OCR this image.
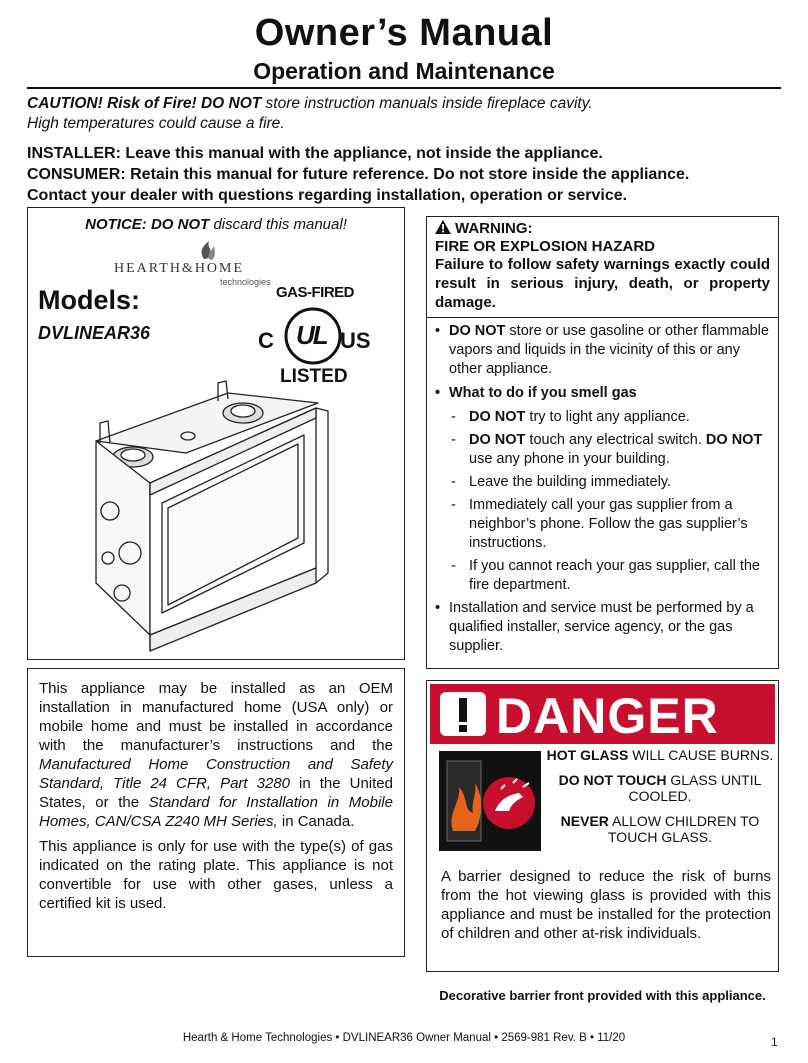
Owner’s Manual
Operation and Maintenance
CAUTION! Risk of Fire! DO NOT store instruction manuals inside fireplace cavity.
High temperatures could cause a fire.
INSTALLER: Leave this manual with the appliance, not inside the appliance.
CONSUMER: Retain this manual for future reference. Do not store inside the appliance.
Contact your dealer with questions regarding installation, operation or service.
NOTICE: DO NOT discard this manual!
HEARTH&HOME
technologies
Models:
DVLINEAR36
GAS-FIRED
C UL US
LISTED
WARNING:
FIRE OR EXPLOSION HAZARD
Failure to follow safety warnings exactly could result in serious injury, death, or property damage.
• DO NOT store or use gasoline or other flammable vapors and liquids in the vicinity of this or any other appliance.
• What to do if you smell gas
- DO NOT try to light any appliance.
- DO NOT touch any electrical switch. DO NOT use any phone in your building.
- Leave the building immediately.
- Immediately call your gas supplier from a neighbor’s phone. Follow the gas supplier’s instructions.
- If you cannot reach your gas supplier, call the fire department.
• Installation and service must be performed by a qualified installer, service agency, or the gas supplier.

This appliance may be installed as an OEM installation in manufactured home (USA only) or mobile home and must be installed in accordance with the manufacturer’s instructions and the Manufactured Home Construction and Safety Standard, Title 24 CFR, Part 3280 in the United States, or the Standard for Installation in Mobile Homes, CAN/CSA Z240 MH Series, in Canada.

This appliance is only for use with the type(s) of gas indicated on the rating plate. This appliance is not convertible for use with other gases, unless a certified kit is used.

DANGER
HOT GLASS WILL CAUSE BURNS.
DO NOT TOUCH GLASS UNTIL COOLED.
NEVER ALLOW CHILDREN TO TOUCH GLASS.
A barrier designed to reduce the risk of burns from the hot viewing glass is provided with this appliance and must be installed for the protection of children and other at-risk individuals.
Decorative barrier front provided with this appliance.
Hearth & Home Technologies • DVLINEAR36 Owner Manual • 2569-981 Rev. B • 11/20	1
